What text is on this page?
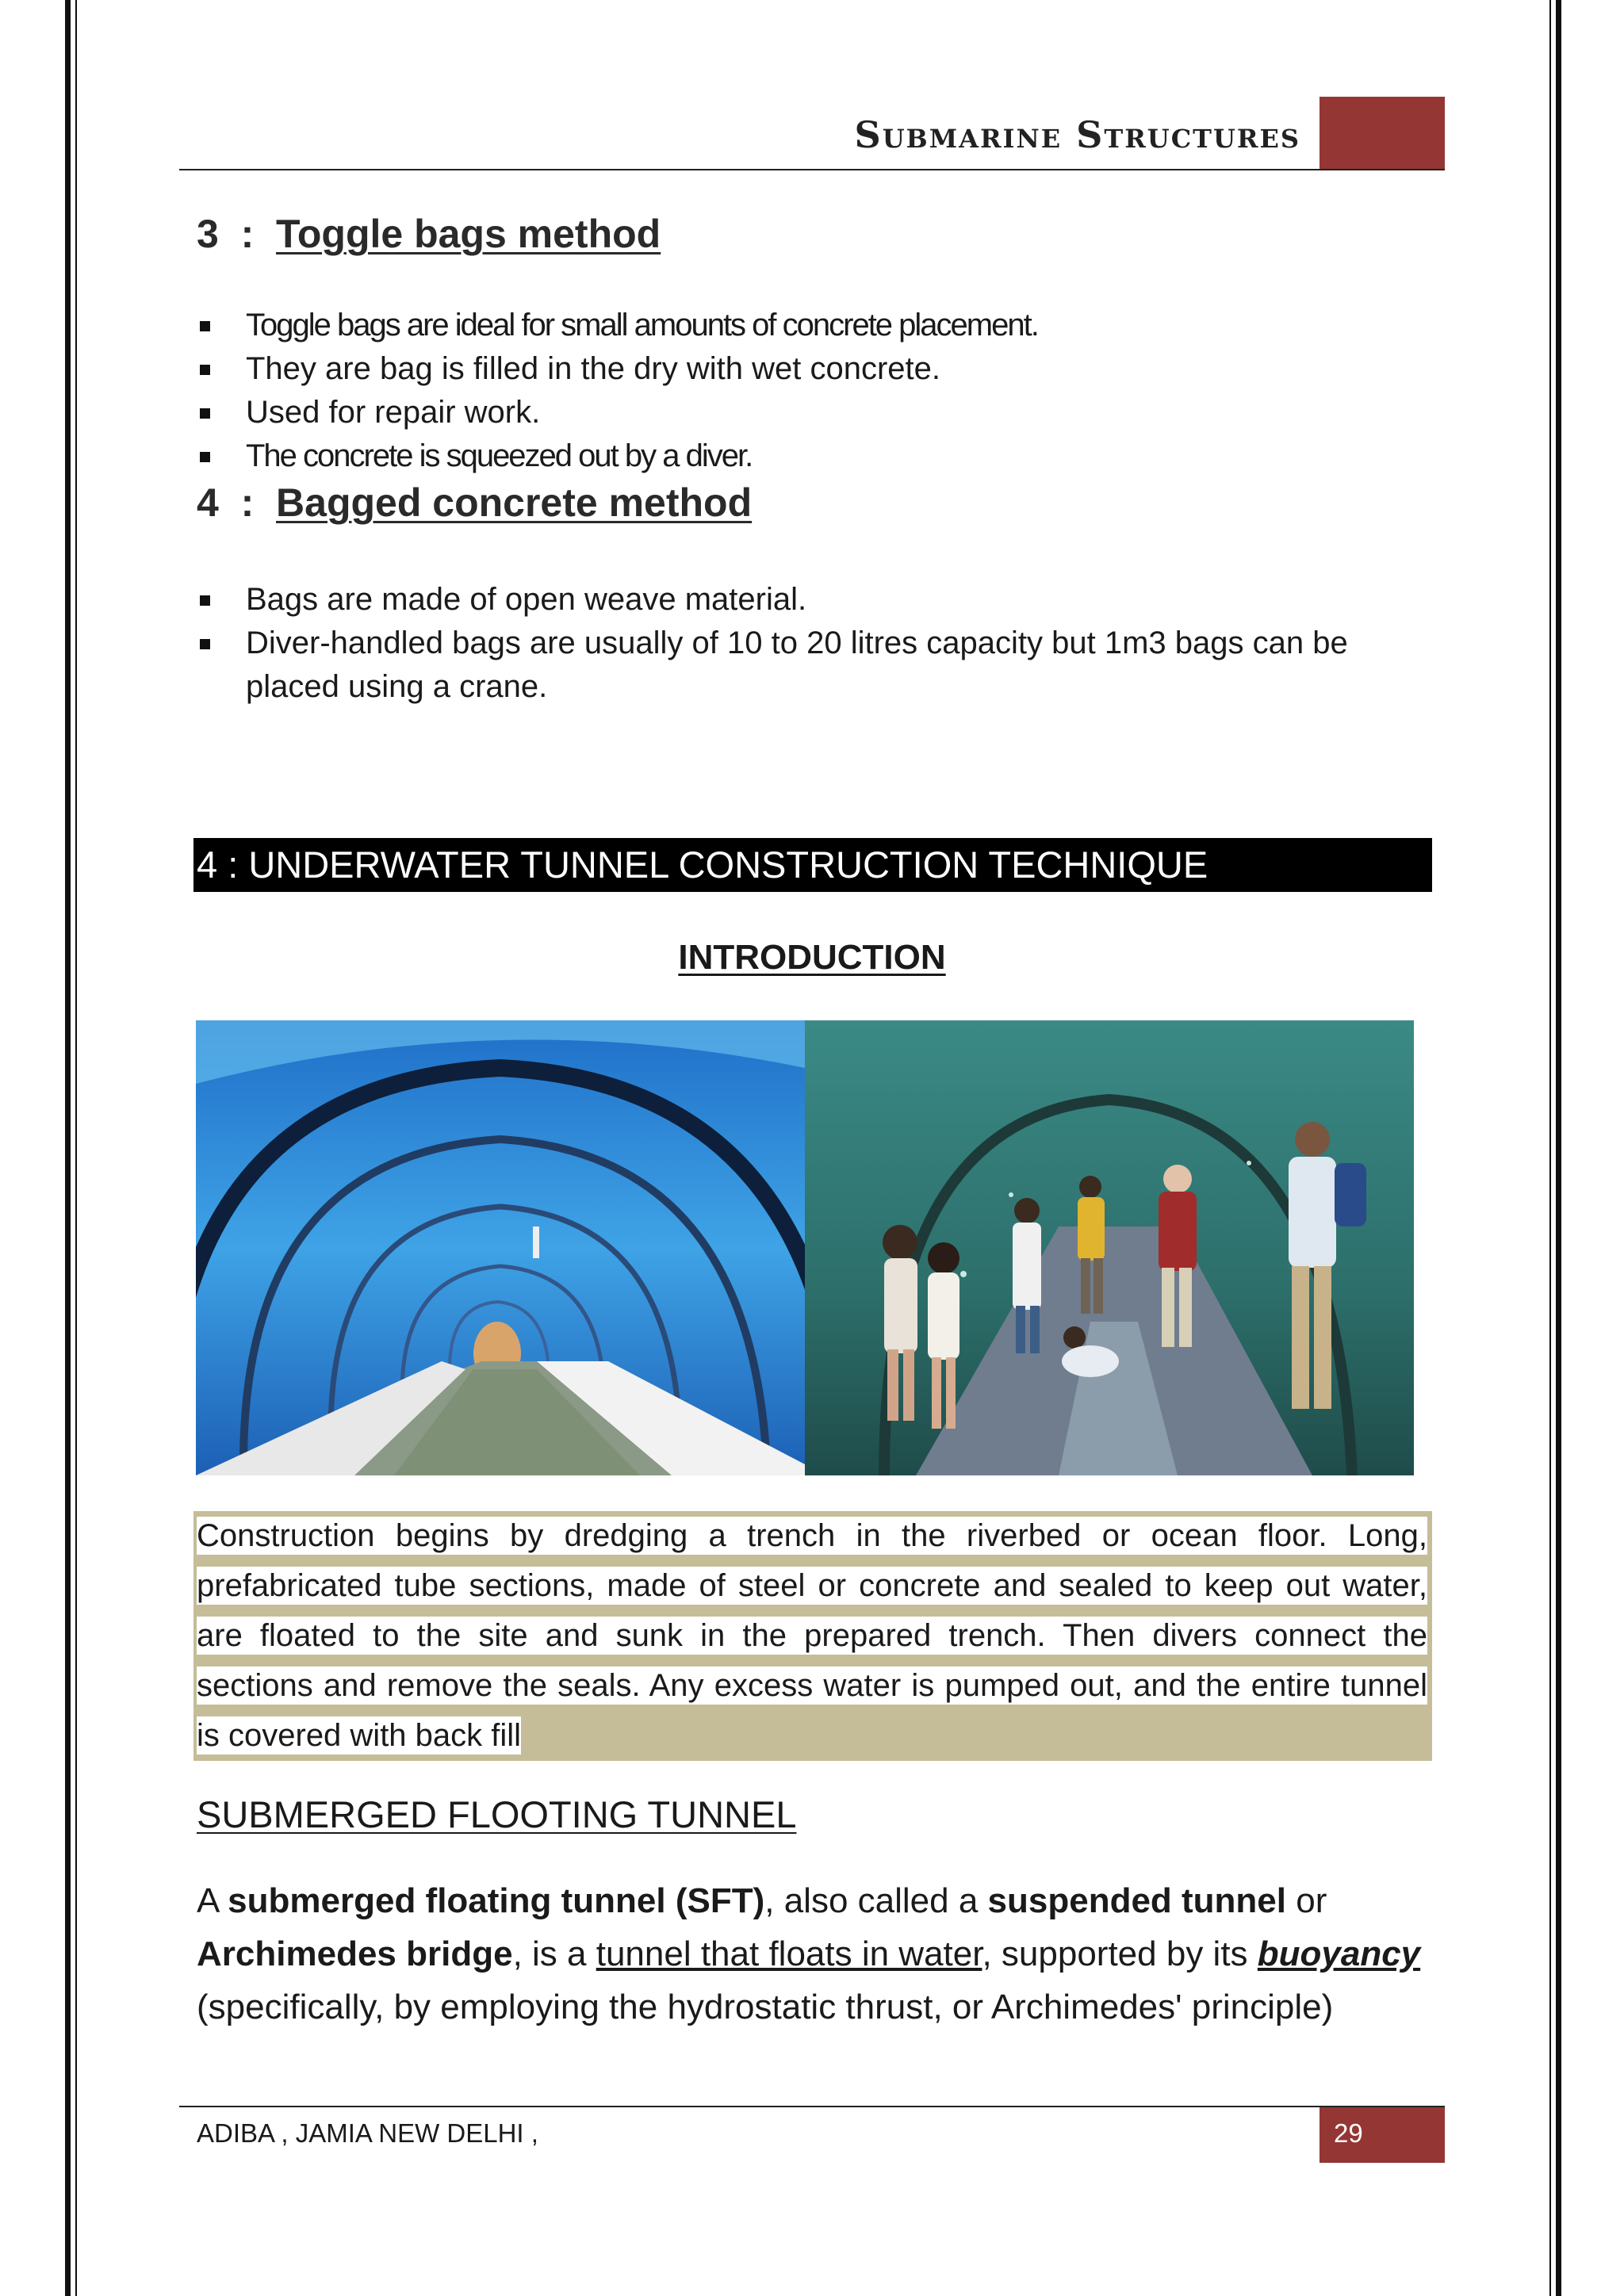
Submarine Structures
3  :  Toggle bags method
Toggle bags are ideal for small amounts of concrete placement.
They are bag is filled in the dry with wet concrete.
Used for repair work.
The concrete is squeezed out by a diver.
4  :  Bagged concrete method
Bags are made of open weave material.
Diver-handled bags are usually of 10 to 20 litres capacity but 1m3 bags can be placed using a crane.
4 : UNDERWATER TUNNEL CONSTRUCTION TECHNIQUE
INTRODUCTION

Construction begins by dredging a trench in the riverbed or ocean floor. Long, prefabricated tube sections, made of steel or concrete and sealed to keep out water, are floated to the site and sunk in the prepared trench. Then divers connect the sections and remove the seals. Any excess water is pumped out, and the entire tunnel is covered with back fill

SUBMERGED FLOOTING TUNNEL

A submerged floating tunnel (SFT), also called a suspended tunnel or Archimedes bridge, is a tunnel that floats in water, supported by its buoyancy (specifically, by employing the hydrostatic thrust, or Archimedes' principle)

ADIBA , JAMIA NEW DELHI ,	29
